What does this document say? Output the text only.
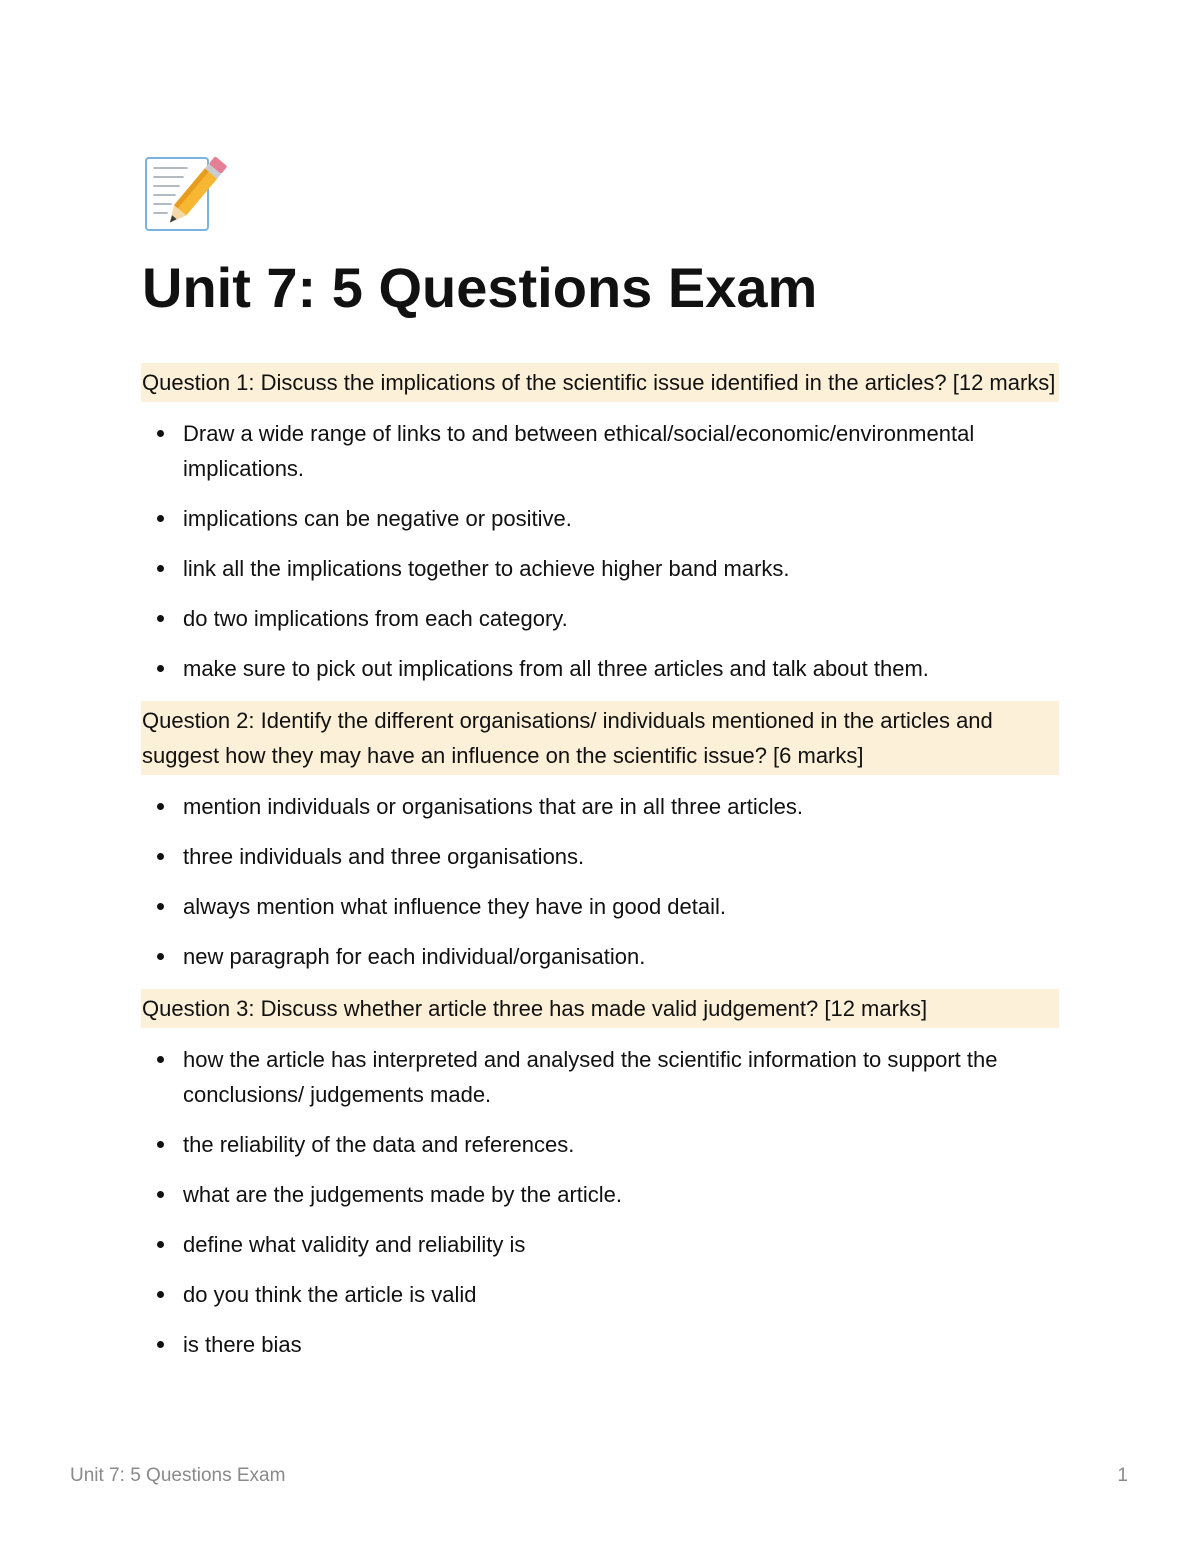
Unit 7: 5 Questions Exam
Question 1: Discuss the implications of the scientific issue identified in the articles? [12 marks]
Draw a wide range of links to and between ethical/social/economic/environmental implications.
implications can be negative or positive.
link all the implications together to achieve higher band marks.
do two implications from each category.
make sure to pick out implications from all three articles and talk about them.
Question 2: Identify the different organisations/ individuals mentioned in the articles and suggest how they may have an influence on the scientific issue? [6 marks]
mention individuals or organisations that are in all three articles.
three individuals and three organisations.
always mention what influence they have in good detail.
new paragraph for each individual/organisation.
Question 3: Discuss whether article three has made valid judgement? [12 marks]
how the article has interpreted and analysed the scientific information to support the conclusions/ judgements made.
the reliability of the data and references.
what are the judgements made by the article.
define what validity and reliability is
do you think the article is valid
is there bias
Unit 7: 5 Questions Exam	1
